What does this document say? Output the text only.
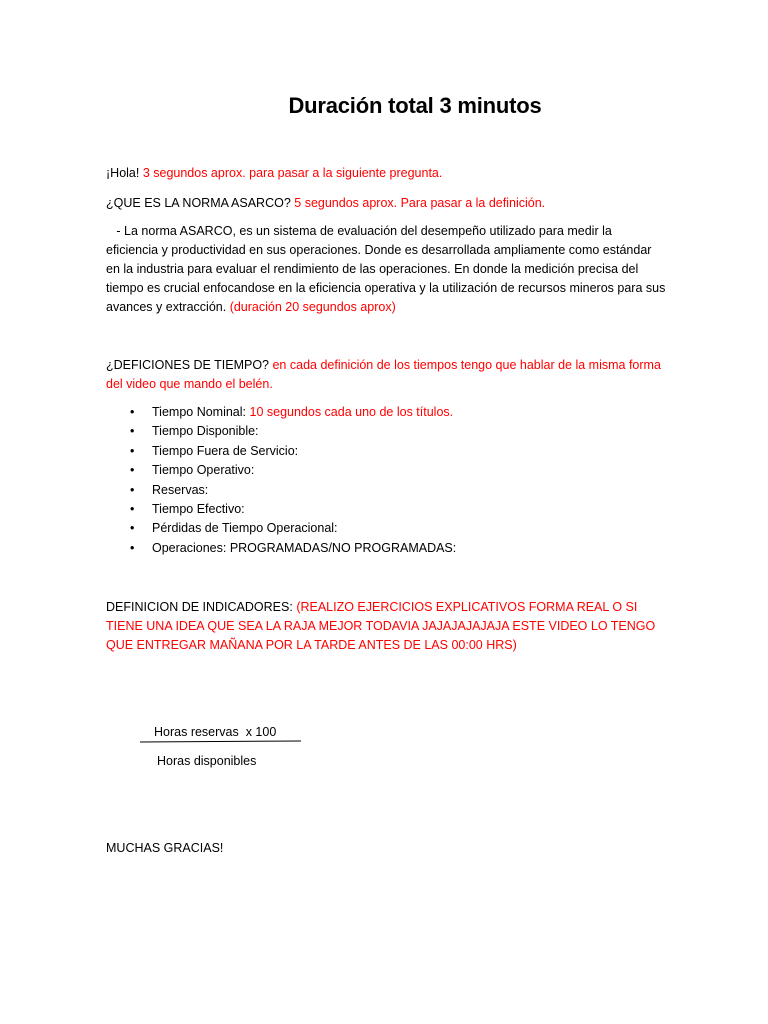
Duración total 3 minutos
¡Hola! 3 segundos aprox. para pasar a la siguiente pregunta.
¿QUE ES LA NORMA ASARCO? 5 segundos aprox. Para pasar a la definición.
- La norma ASARCO, es un sistema de evaluación del desempeño utilizado para medir la eficiencia y productividad en sus operaciones. Donde es desarrollada ampliamente como estándar en la industria para evaluar el rendimiento de las operaciones. En donde la medición precisa del tiempo es crucial enfocandose en la eficiencia operativa y la utilización de recursos mineros para sus avances y extracción. (duración 20 segundos aprox)
¿DEFICIONES DE TIEMPO? en cada definición de los tiempos tengo que hablar de la misma forma del video que mando el belén.
• Tiempo Nominal: 10 segundos cada uno de los títulos.
• Tiempo Disponible:
• Tiempo Fuera de Servicio:
• Tiempo Operativo:
• Reservas:
• Tiempo Efectivo:
• Pérdidas de Tiempo Operacional:
• Operaciones: PROGRAMADAS/NO PROGRAMADAS:
DEFINICION DE INDICADORES: (REALIZO EJERCICIOS EXPLICATIVOS FORMA REAL O SI TIENE UNA IDEA QUE SEA LA RAJA MEJOR TODAVIA JAJAJAJAJAJA ESTE VIDEO LO TENGO QUE ENTREGAR MAÑANA POR LA TARDE ANTES DE LAS 00:00 HRS)
Horas reservas  x 100
Horas disponibles
MUCHAS GRACIAS!
